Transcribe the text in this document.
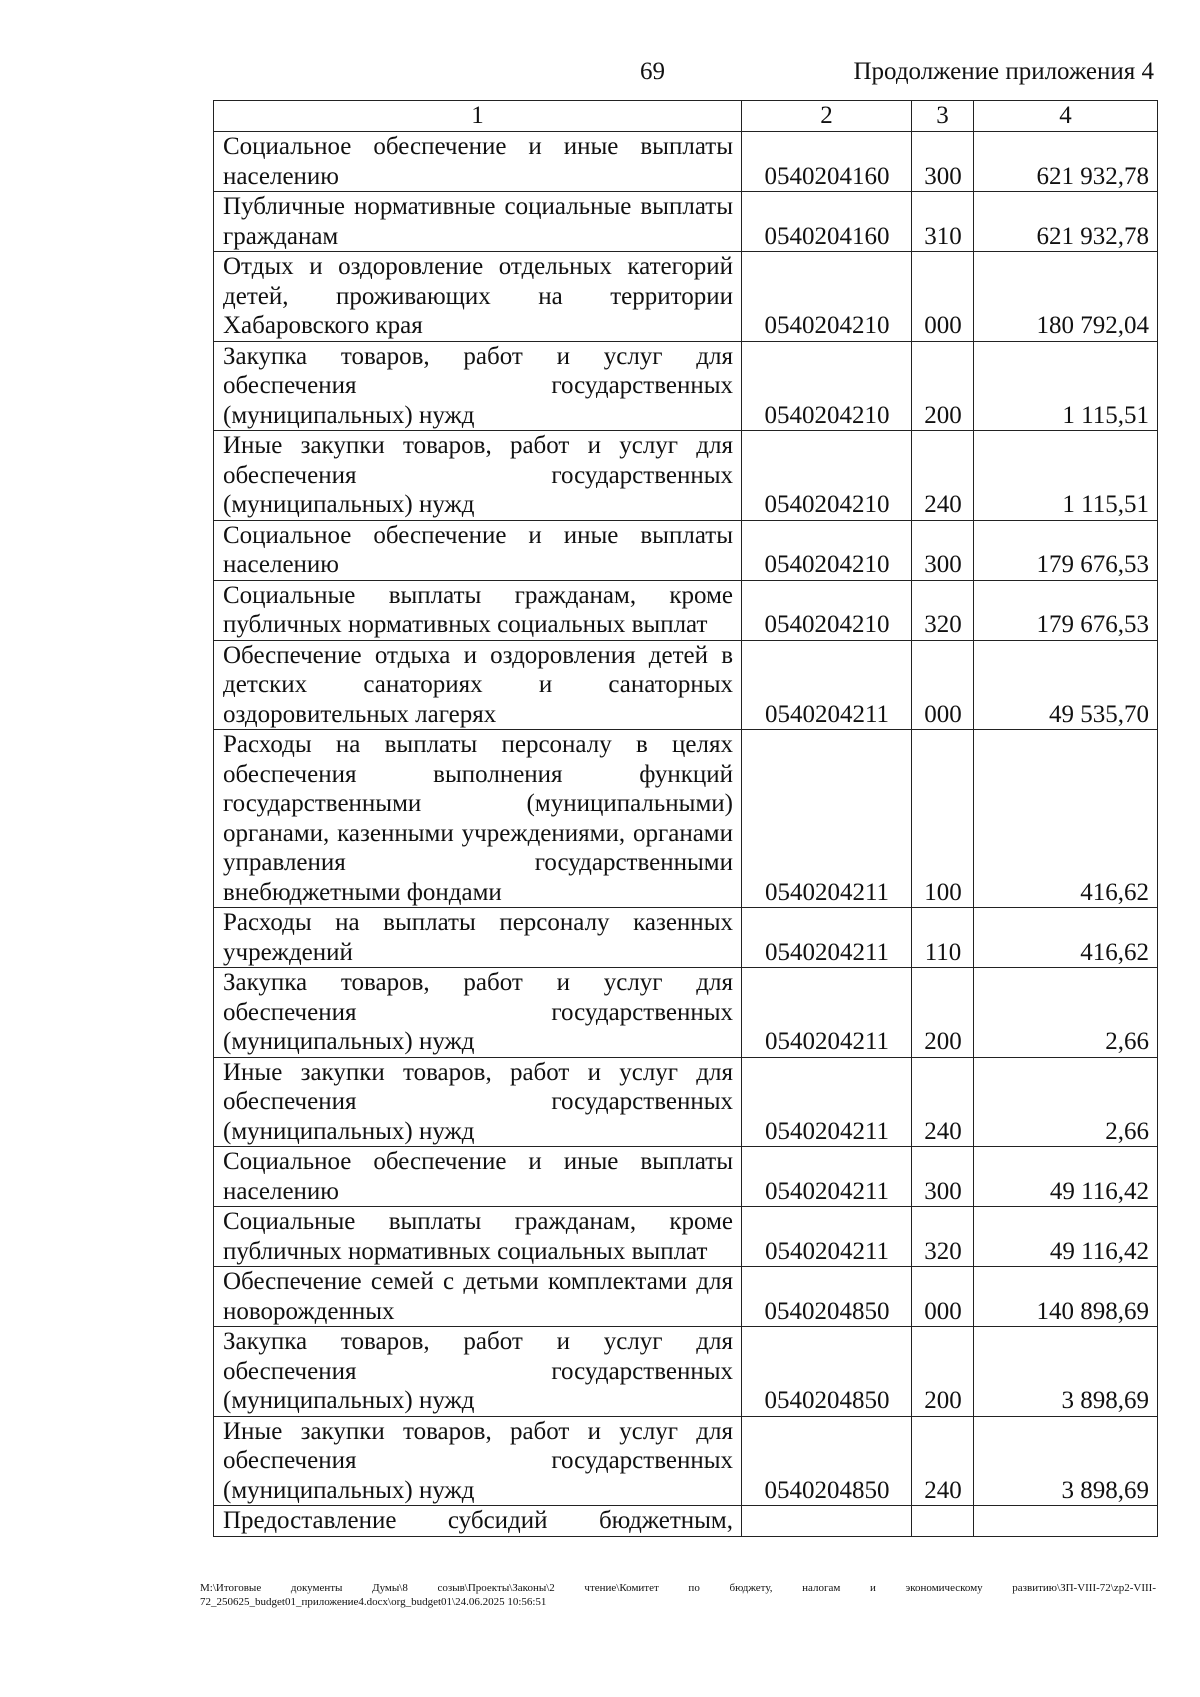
69	Продолжение приложения 4
1	2	3	4
Социальное обеспечение и иные выплаты населению	0540204160	300	621 932,78
Публичные нормативные социальные выплаты гражданам	0540204160	310	621 932,78
Отдых и оздоровление отдельных категорий детей, проживающих на территории Хабаровского края	0540204210	000	180 792,04
Закупка товаров, работ и услуг для обеспечения государственных (муниципальных) нужд	0540204210	200	1 115,51
Иные закупки товаров, работ и услуг для обеспечения государственных (муниципальных) нужд	0540204210	240	1 115,51
Социальное обеспечение и иные выплаты населению	0540204210	300	179 676,53
Социальные выплаты гражданам, кроме публичных нормативных социальных выплат	0540204210	320	179 676,53
Обеспечение отдыха и оздоровления детей в детских санаториях и санаторных оздоровительных лагерях	0540204211	000	49 535,70
Расходы на выплаты персоналу в целях обеспечения выполнения функций государственными (муниципальными) органами, казенными учреждениями, органами управления государственными внебюджетными фондами	0540204211	100	416,62
Расходы на выплаты персоналу казенных учреждений	0540204211	110	416,62
Закупка товаров, работ и услуг для обеспечения государственных (муниципальных) нужд	0540204211	200	2,66
Иные закупки товаров, работ и услуг для обеспечения государственных (муниципальных) нужд	0540204211	240	2,66
Социальное обеспечение и иные выплаты населению	0540204211	300	49 116,42
Социальные выплаты гражданам, кроме публичных нормативных социальных выплат	0540204211	320	49 116,42
Обеспечение семей с детьми комплектами для новорожденных	0540204850	000	140 898,69
Закупка товаров, работ и услуг для обеспечения государственных (муниципальных) нужд	0540204850	200	3 898,69
Иные закупки товаров, работ и услуг для обеспечения государственных (муниципальных) нужд	0540204850	240	3 898,69
Предоставление субсидий бюджетным,			
M:\Итоговые документы Думы\8 созыв\Проекты\Законы\2 чтение\Комитет по бюджету, налогам и экономическому развитию\ЗП-VIII-72\zp2-VIII-72_250625_budget01_приложение4.docx\org_budget01\24.06.2025 10:56:51
